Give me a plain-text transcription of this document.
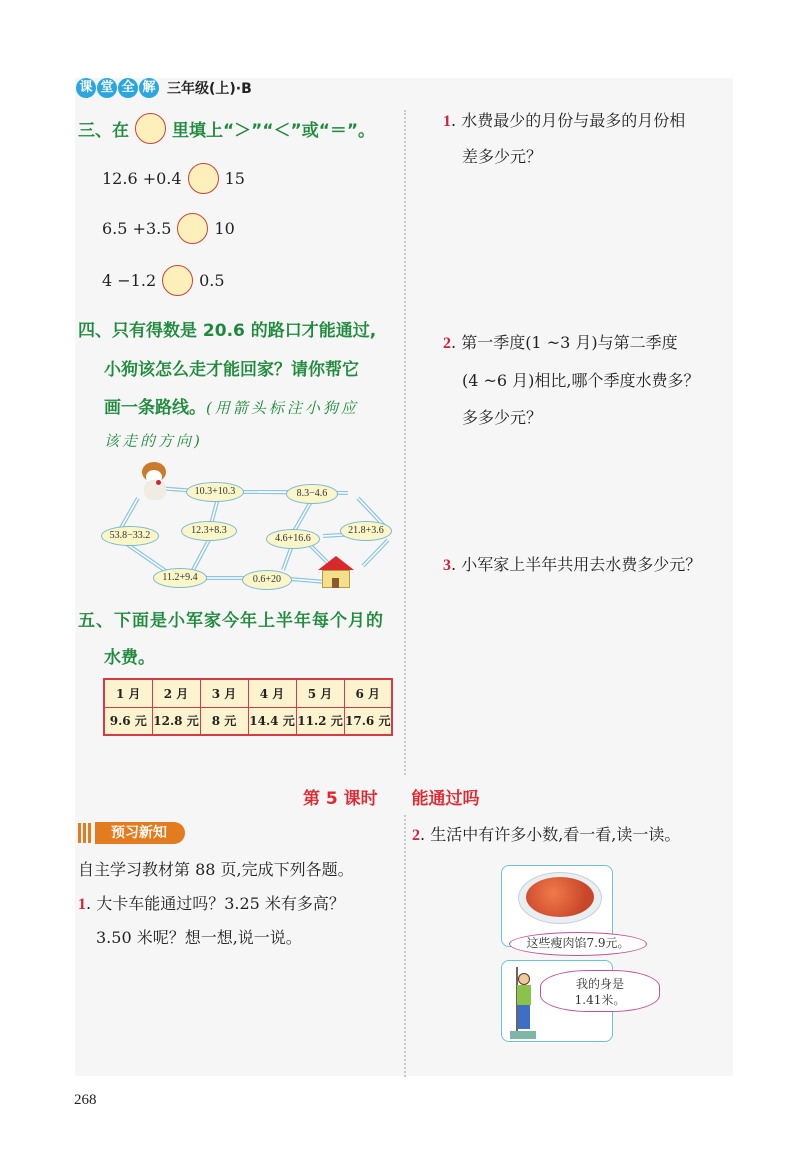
课 堂 全 解 三年级(上)·B
三、在	里填上“＞”“＜”或“＝”。
12.6 +0.4	15
6.5 +3.5	10
4 −1.2	0.5
四、只有得数是 20.6 的路口才能通过,
小狗该怎么走才能回家？请你帮它
画一条路线。(用箭头标注小狗应
该走的方向)
10.3+10.3	8.3−4.6
53.8−33.2	12.3+8.3
4.6+16.6
21.8+3.6
11.2+9.4	0.6+20
五、下面是小军家今年上半年每个月的
水费。
1 月	2 月	3 月	4 月	5 月	6 月
9.6 元	12.8 元	8 元	14.4 元	11.2 元	17.6 元
1. 水费最少的月份与最多的月份相
差多少元？
2. 第一季度(1 ~3 月)与第二季度
(4 ~6 月)相比,哪个季度水费多？
多多少元？
3. 小军家上半年共用去水费多少元？
第 5 课时 能通过吗
预习新知
自主学习教材第 88 页,完成下列各题。
1. 大卡车能通过吗？3.25 米有多高？
3.50 米呢？想一想,说一说。
2. 生活中有许多小数,看一看,读一读。
这些瘦肉馅7.9元。
我的身是
1.41米。
268
